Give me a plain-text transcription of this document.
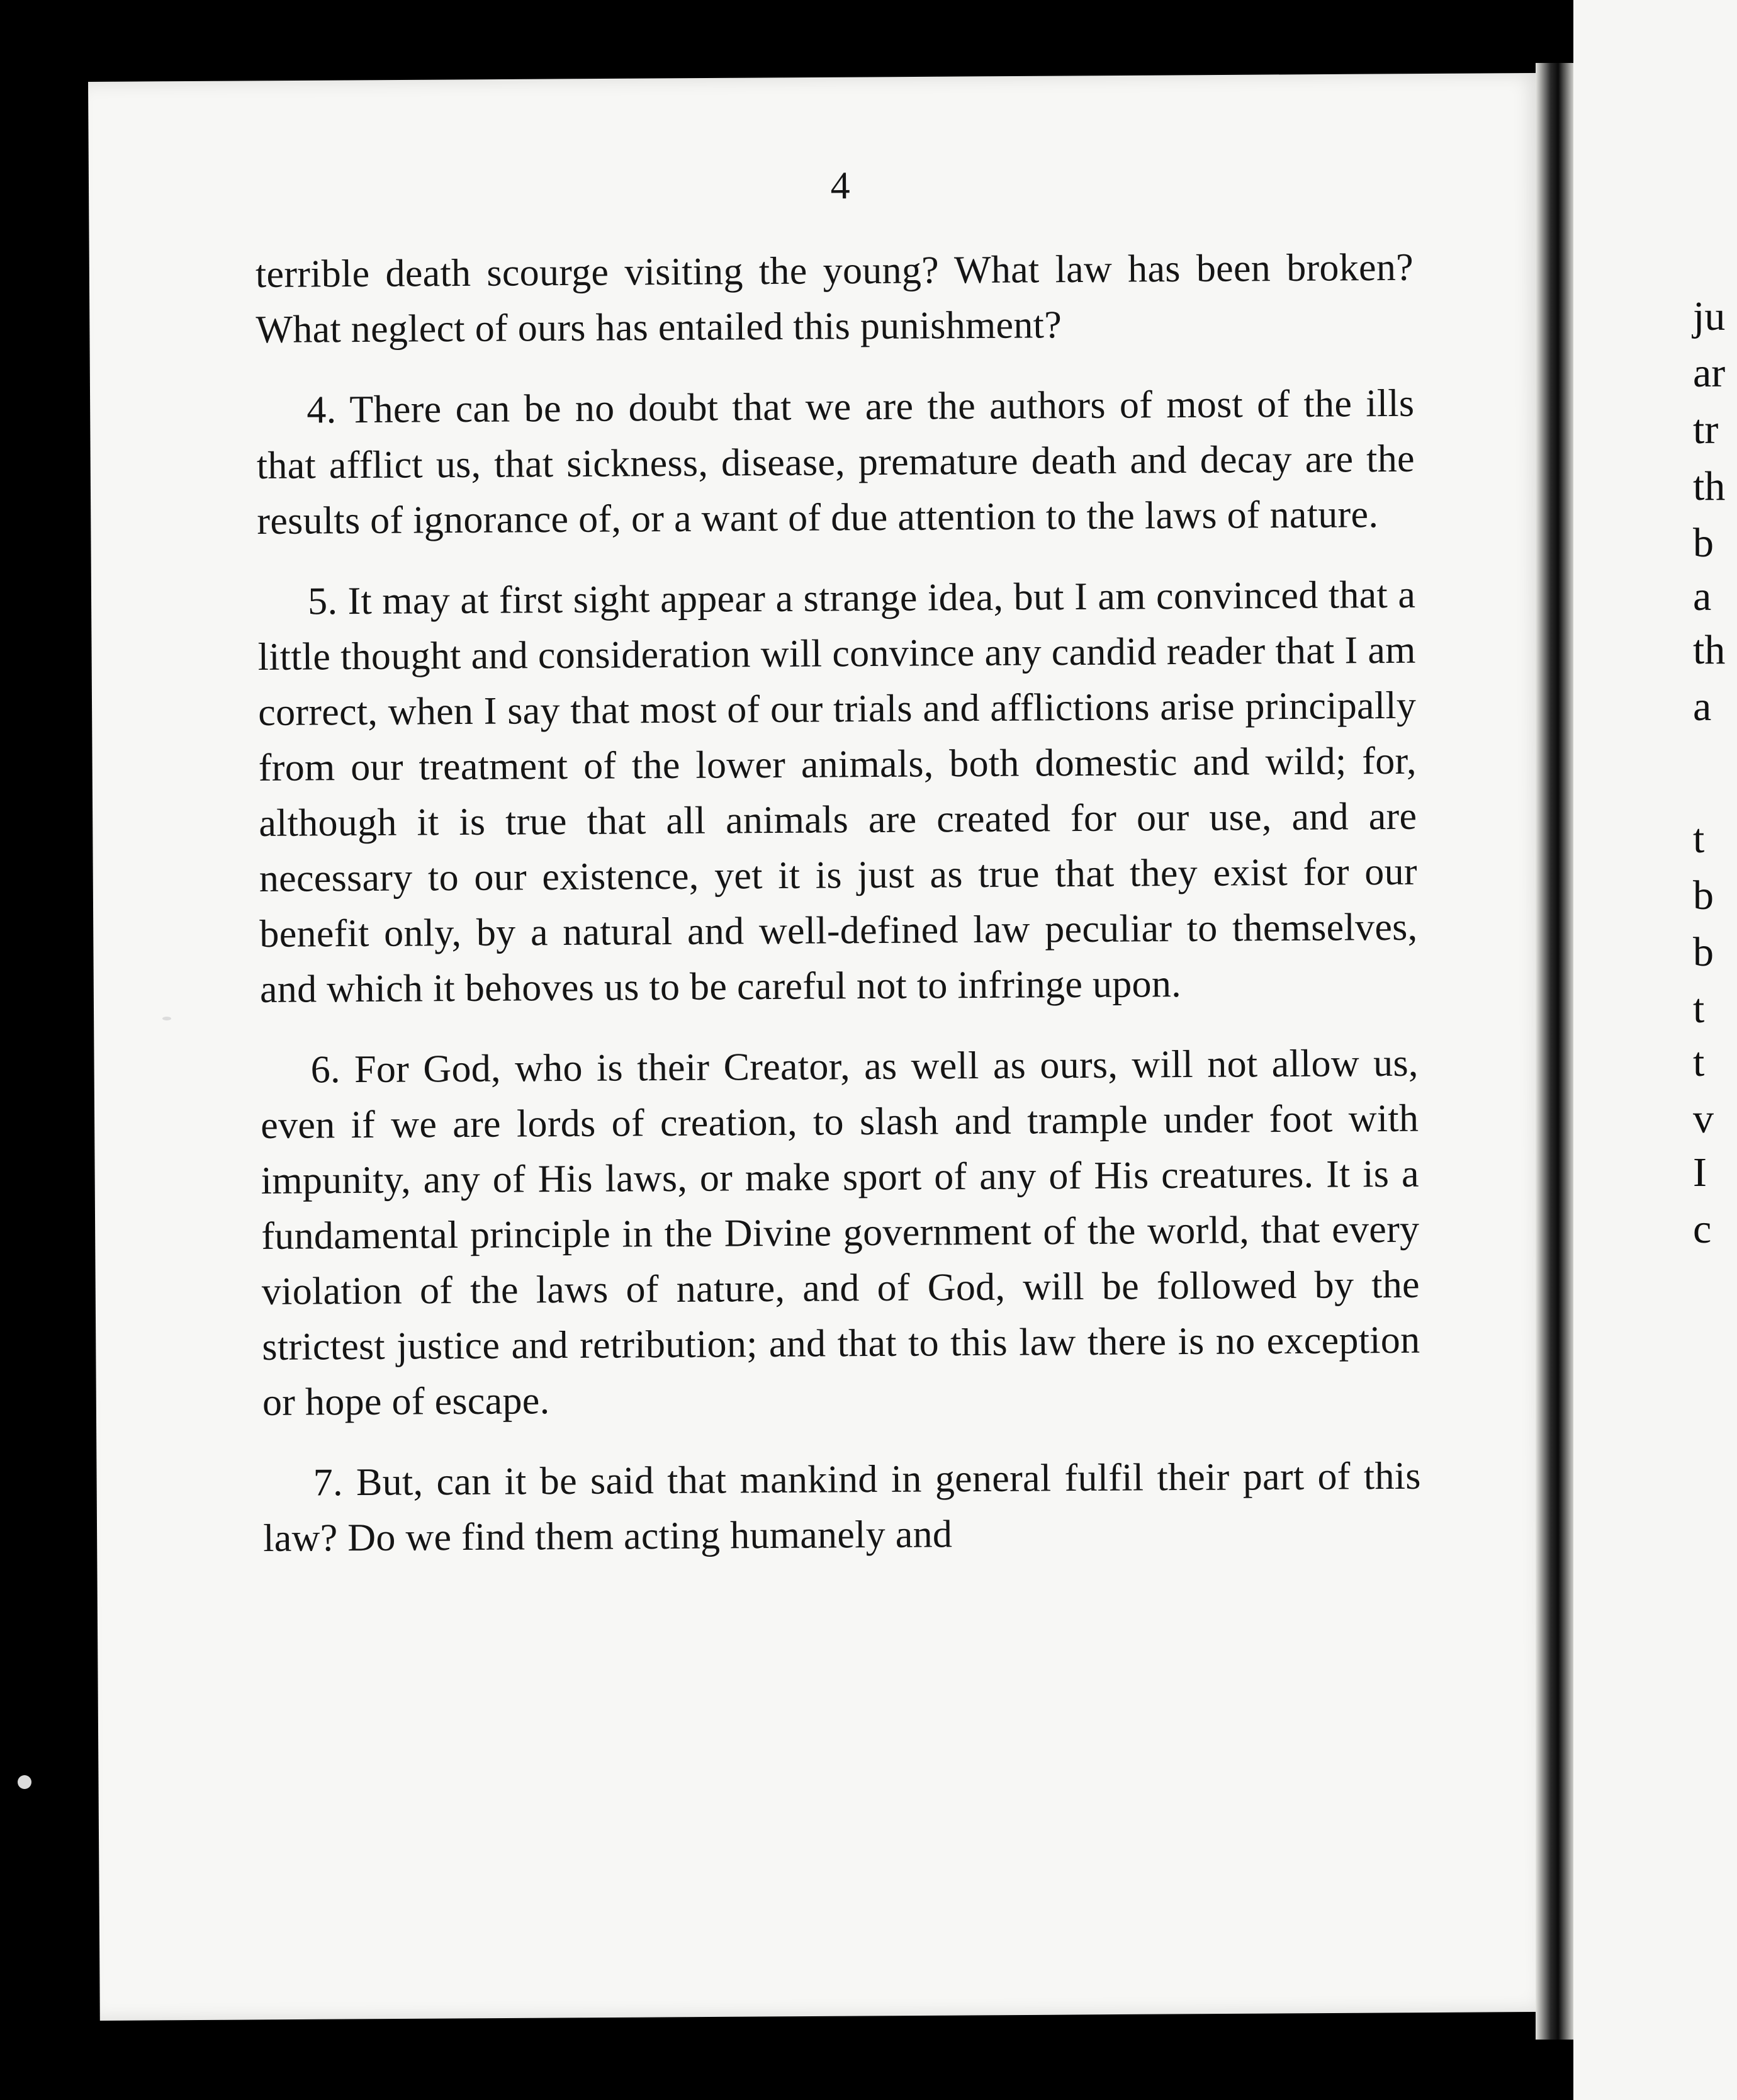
ju
ar
tr
th
b
a
th
a
t
b
b
t
t
v
I
c
4

terrible death scourge visiting the young? What law has been broken? What neglect of ours has entailed this punishment?

4. There can be no doubt that we are the authors of most of the ills that afflict us, that sickness, disease, premature death and decay are the results of ignorance of, or a want of due attention to the laws of nature.

5. It may at first sight appear a strange idea, but I am convinced that a little thought and consideration will convince any candid reader that I am correct, when I say that most of our trials and afflictions arise principally from our treatment of the lower animals, both domestic and wild; for, although it is true that all animals are created for our use, and are necessary to our existence, yet it is just as true that they exist for our benefit only, by a natural and well-defined law peculiar to themselves, and which it behoves us to be careful not to infringe upon.

6. For God, who is their Creator, as well as ours, will not allow us, even if we are lords of creation, to slash and trample under foot with impunity, any of His laws, or make sport of any of His creatures. It is a fundamental principle in the Divine government of the world, that every violation of the laws of nature, and of God, will be followed by the strictest justice and retribution; and that to this law there is no exception or hope of escape.

7. But, can it be said that mankind in general fulfil their part of this law? Do we find them acting humanely and
